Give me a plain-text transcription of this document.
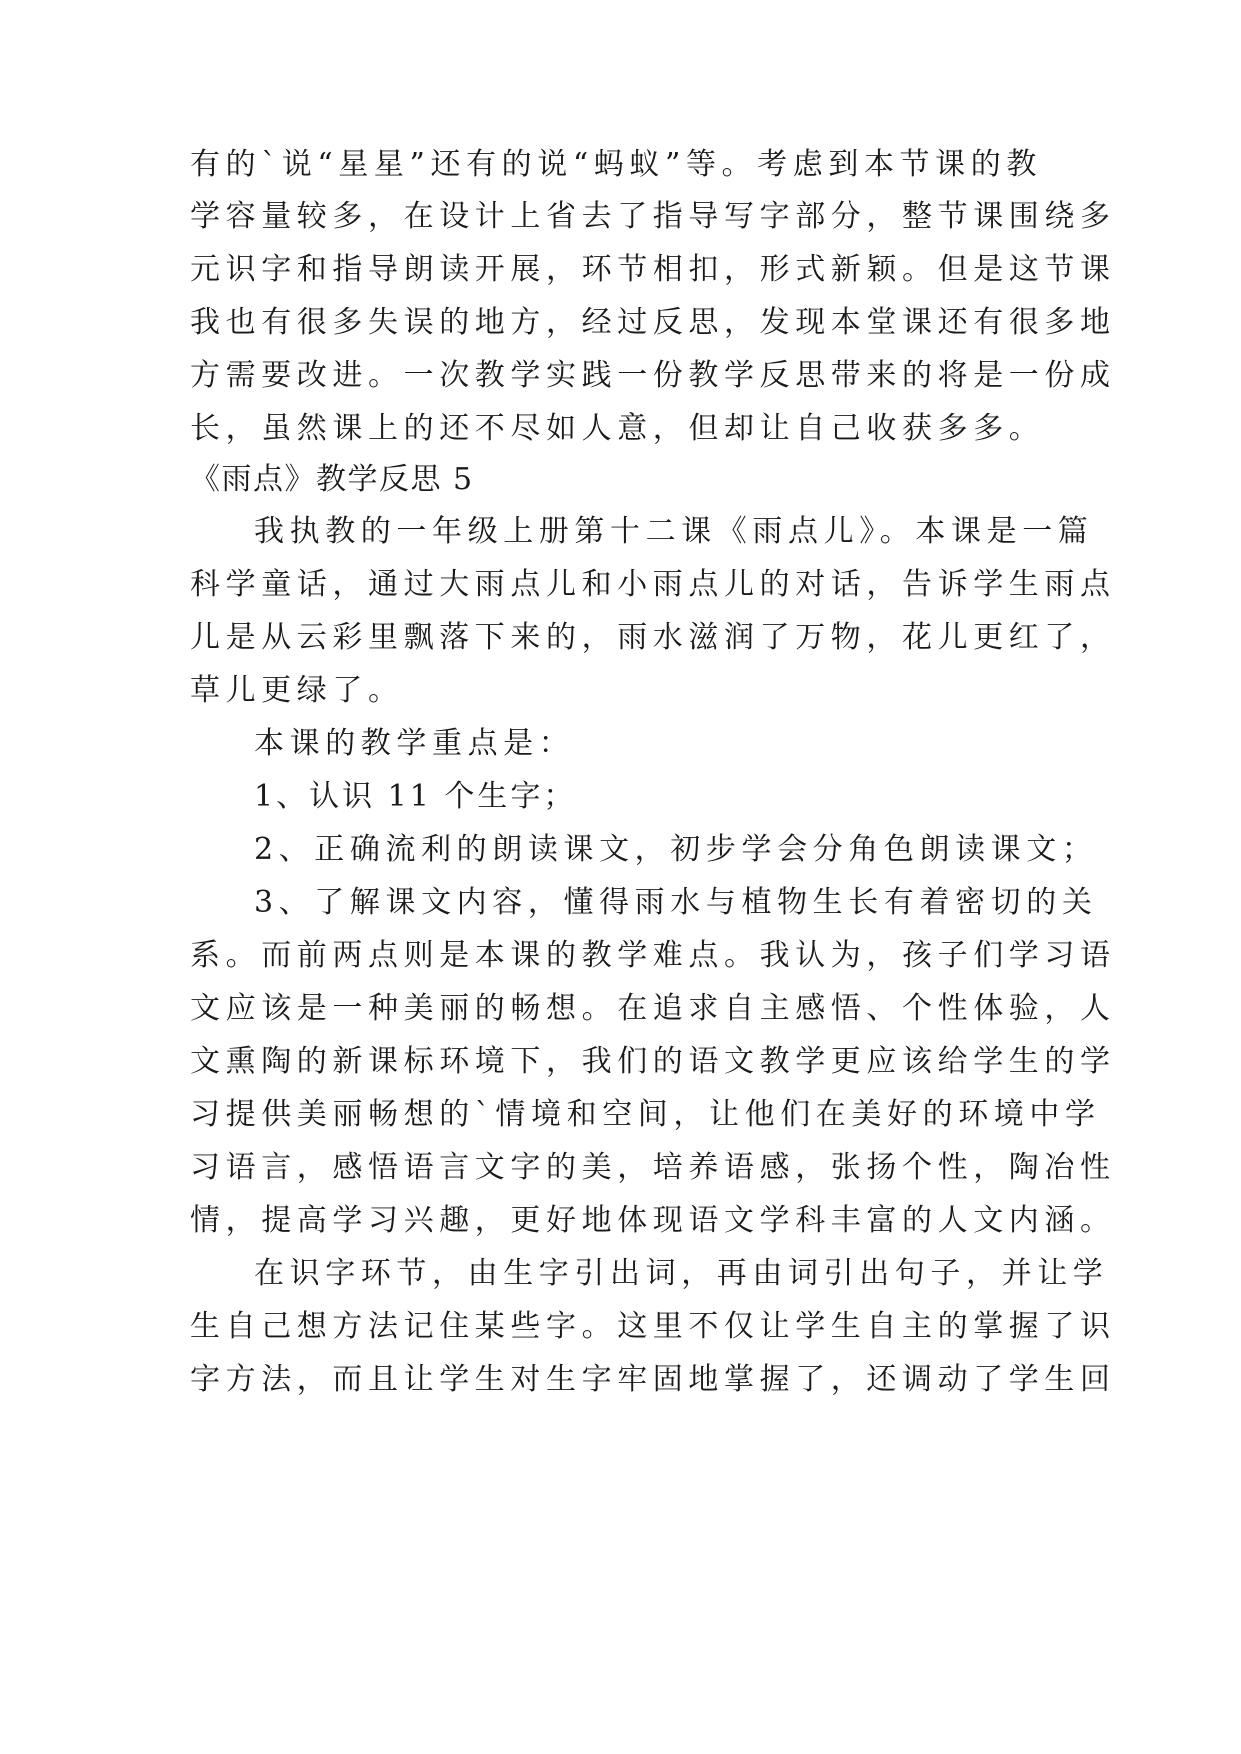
有的`说“星星”还有的说“蚂蚁”等。考虑到本节课的教
学容量较多，在设计上省去了指导写字部分，整节课围绕多
元识字和指导朗读开展，环节相扣，形式新颖。但是这节课
我也有很多失误的地方，经过反思，发现本堂课还有很多地
方需要改进。一次教学实践一份教学反思带来的将是一份成
长，虽然课上的还不尽如人意，但却让自己收获多多。
《雨点》教学反思 5
我执教的一年级上册第十二课《雨点儿》。本课是一篇
科学童话，通过大雨点儿和小雨点儿的对话，告诉学生雨点
儿是从云彩里飘落下来的，雨水滋润了万物，花儿更红了，
草儿更绿了。
本课的教学重点是：
1、认识 11 个生字；
2、正确流利的朗读课文，初步学会分角色朗读课文；
3、了解课文内容，懂得雨水与植物生长有着密切的关
系。而前两点则是本课的教学难点。我认为，孩子们学习语
文应该是一种美丽的畅想。在追求自主感悟、个性体验，人
文熏陶的新课标环境下，我们的语文教学更应该给学生的学
习提供美丽畅想的`情境和空间，让他们在美好的环境中学
习语言，感悟语言文字的美，培养语感，张扬个性，陶冶性
情，提高学习兴趣，更好地体现语文学科丰富的人文内涵。
在识字环节，由生字引出词，再由词引出句子，并让学
生自己想方法记住某些字。这里不仅让学生自主的掌握了识
字方法，而且让学生对生字牢固地掌握了，还调动了学生回
